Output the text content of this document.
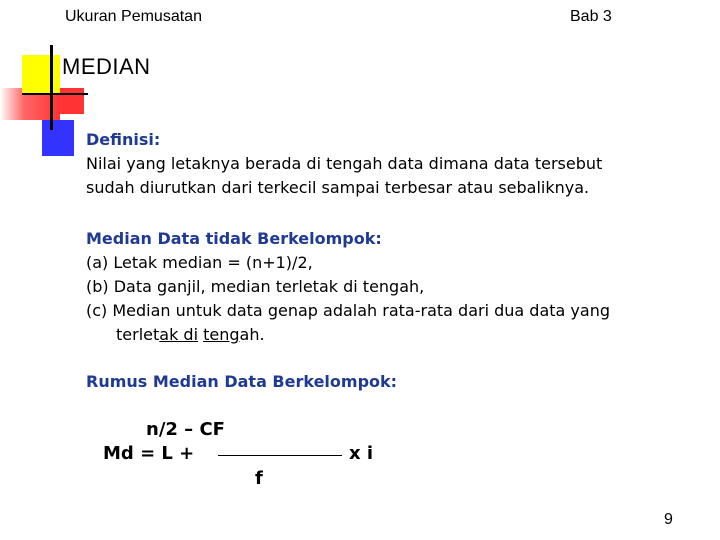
Ukuran Pemusatan	Bab 3
MEDIAN
Definisi:
Nilai yang letaknya berada di tengah data dimana data tersebut
sudah diurutkan dari terkecil sampai terbesar atau sebaliknya.
Median Data tidak Berkelompok:
(a) Letak median = (n+1)/2,
(b) Data ganjil, median terletak di tengah,
(c) Median untuk data genap adalah rata-rata dari dua data yang
terletak di tengah.
Rumus Median Data Berkelompok:
n/2 – CF
Md = L +	x i
f
9
